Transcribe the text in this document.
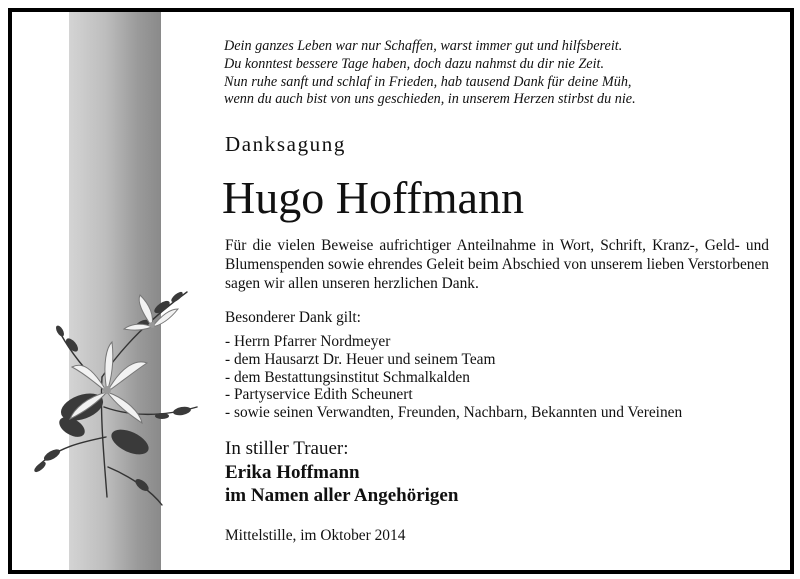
Dein ganzes Leben war nur Schaffen, warst immer gut und hilfsbereit.
Du konntest bessere Tage haben, doch dazu nahmst du dir nie Zeit.
Nun ruhe sanft und schlaf in Frieden, hab tausend Dank für deine Müh,
wenn du auch bist von uns geschieden, in unserem Herzen stirbst du nie.
Danksagung
Hugo Hoffmann

Für die vielen Beweise aufrichtiger Anteilnahme in Wort, Schrift, Kranz-, Geld- und Blumenspenden sowie ehrendes Geleit beim Abschied von unserem lieben Verstorbenen sagen wir allen unseren herzlichen Dank.

Besonderer Dank gilt:
- Herrn Pfarrer Nordmeyer
- dem Hausarzt Dr. Heuer und seinem Team
- dem Bestattungsinstitut Schmalkalden
- Partyservice Edith Scheunert
- sowie seinen Verwandten, Freunden, Nachbarn, Bekannten und Vereinen
In stiller Trauer:
Erika Hoffmann
im Namen aller Angehörigen
Mittelstille, im Oktober 2014
